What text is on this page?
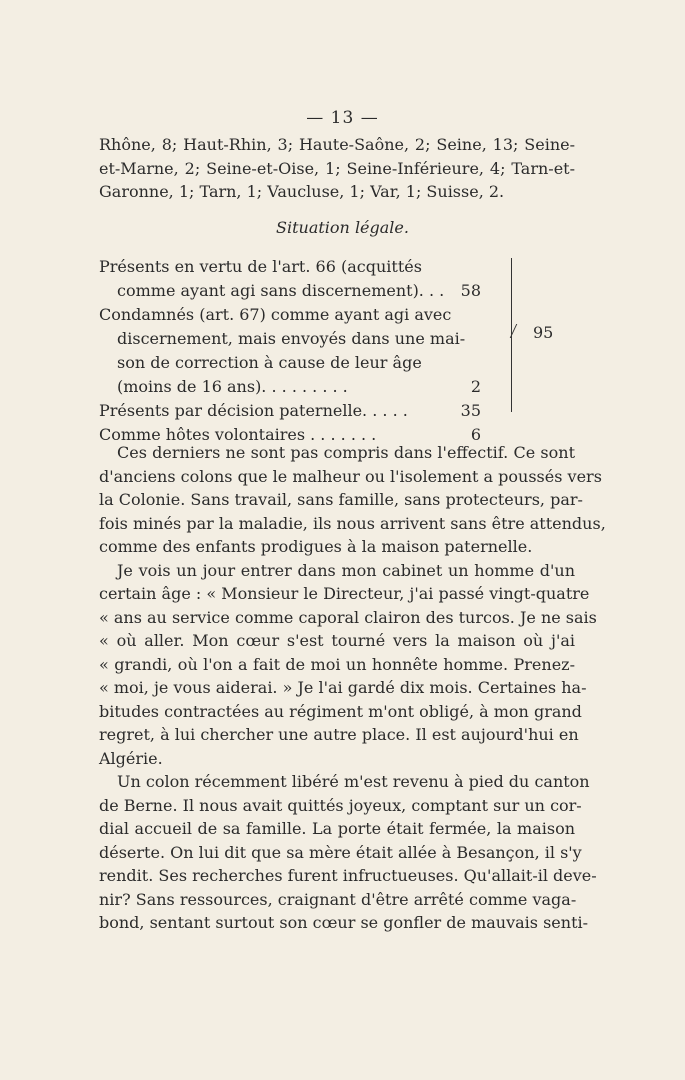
— 13 —
Rhône, 8; Haut-Rhin, 3; Haute-Saône, 2; Seine, 13; Seine-
et-Marne, 2; Seine-et-Oise, 1; Seine-Inférieure, 4; Tarn-et-
Garonne, 1; Tarn, 1; Vaucluse, 1; Var, 1; Suisse, 2.
Situation légale.
Présents en vertu de l'art. 66 (acquittés
comme ayant agi sans discernement). . . 58
Condamnés (art. 67) comme ayant agi avec
discernement, mais envoyés dans une mai-
son de correction à cause de leur âge
(moins de 16 ans). . . . . . . . .	2
Présents par décision paternelle. . . . .	35
Comme hôtes volontaires . . . . . . .	6
95
Ces derniers ne sont pas compris dans l'effectif. Ce sont
d'anciens colons que le malheur ou l'isolement a poussés vers
la Colonie. Sans travail, sans famille, sans protecteurs, par-
fois minés par la maladie, ils nous arrivent sans être attendus,
comme des enfants prodigues à la maison paternelle.
Je vois un jour entrer dans mon cabinet un homme d'un
certain âge : « Monsieur le Directeur, j'ai passé vingt-quatre
« ans au service comme caporal clairon des turcos. Je ne sais
« où aller. Mon cœur s'est tourné vers la maison où j'ai
« grandi, où l'on a fait de moi un honnête homme. Prenez-
« moi, je vous aiderai. » Je l'ai gardé dix mois. Certaines ha-
bitudes contractées au régiment m'ont obligé, à mon grand
regret, à lui chercher une autre place. Il est aujourd'hui en
Algérie.
Un colon récemment libéré m'est revenu à pied du canton
de Berne. Il nous avait quittés joyeux, comptant sur un cor-
dial accueil de sa famille. La porte était fermée, la maison
déserte. On lui dit que sa mère était allée à Besançon, il s'y
rendit. Ses recherches furent infructueuses. Qu'allait-il deve-
nir? Sans ressources, craignant d'être arrêté comme vaga-
bond, sentant surtout son cœur se gonfler de mauvais senti-
